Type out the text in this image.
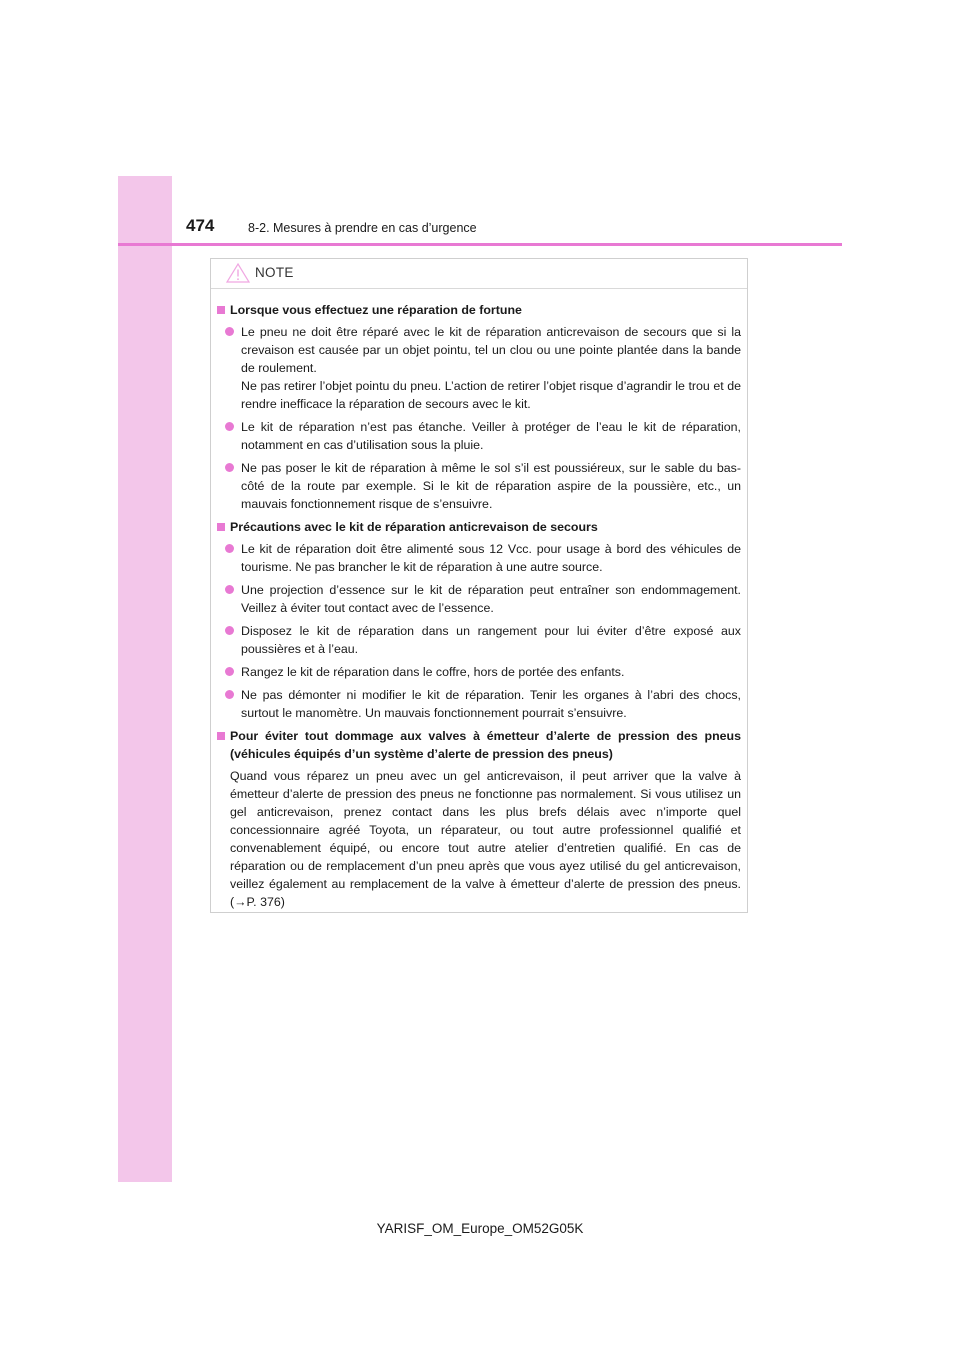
474	8-2. Mesures à prendre en cas d’urgence
NOTE
Lorsque vous effectuez une réparation de fortune
Le pneu ne doit être réparé avec le kit de réparation anticrevaison de secours que si la crevaison est causée par un objet pointu, tel un clou ou une pointe plantée dans la bande de roulement.
Ne pas retirer l’objet pointu du pneu. L’action de retirer l’objet risque d’agrandir le trou et de rendre inefficace la réparation de secours avec le kit.
Le kit de réparation n’est pas étanche. Veiller à protéger de l’eau le kit de réparation, notamment en cas d’utilisation sous la pluie.
Ne pas poser le kit de réparation à même le sol s’il est poussiéreux, sur le sable du bas-côté de la route par exemple. Si le kit de réparation aspire de la poussière, etc., un mauvais fonctionnement risque de s’ensuivre.
Précautions avec le kit de réparation anticrevaison de secours
Le kit de réparation doit être alimenté sous 12 Vcc. pour usage à bord des véhicules de tourisme. Ne pas brancher le kit de réparation à une autre source.
Une projection d’essence sur le kit de réparation peut entraîner son endommagement. Veillez à éviter tout contact avec de l’essence.
Disposez le kit de réparation dans un rangement pour lui éviter d’être exposé aux poussières et à l’eau.
Rangez le kit de réparation dans le coffre, hors de portée des enfants.
Ne pas démonter ni modifier le kit de réparation. Tenir les organes à l’abri des chocs, surtout le manomètre. Un mauvais fonctionnement pourrait s’ensuivre.
Pour éviter tout dommage aux valves à émetteur d’alerte de pression des pneus (véhicules équipés d’un système d’alerte de pression des pneus)
Quand vous réparez un pneu avec un gel anticrevaison, il peut arriver que la valve à émetteur d’alerte de pression des pneus ne fonctionne pas normalement. Si vous utilisez un gel anticrevaison, prenez contact dans les plus brefs délais avec n’importe quel concessionnaire agréé Toyota, un réparateur, ou tout autre professionnel qualifié et convenablement équipé, ou encore tout autre atelier d’entretien qualifié. En cas de réparation ou de remplacement d’un pneu après que vous ayez utilisé du gel anticrevaison, veillez également au remplacement de la valve à émetteur d’alerte de pression des pneus. (→P. 376)
YARISF_OM_Europe_OM52G05K
